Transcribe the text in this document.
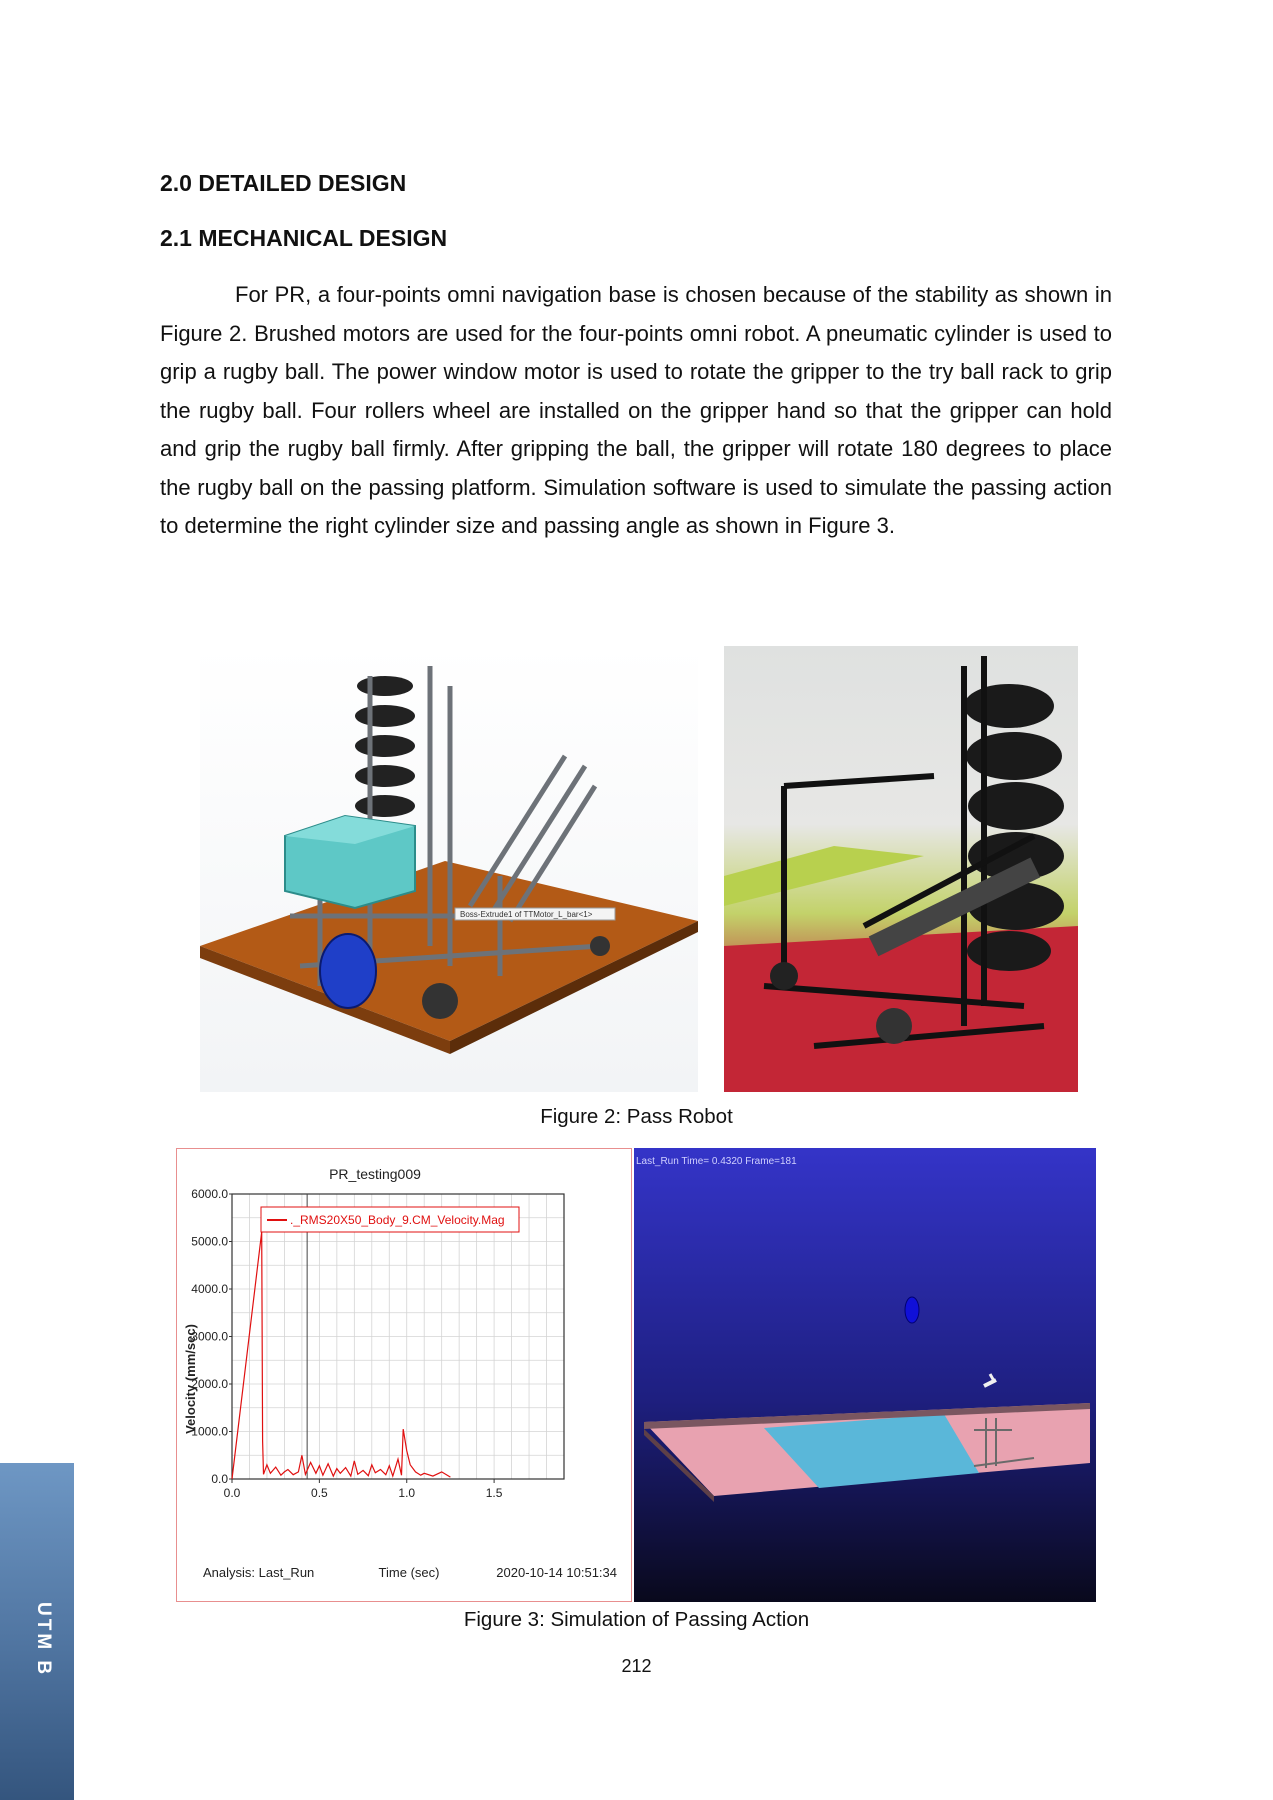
2.0 DETAILED DESIGN
2.1 MECHANICAL DESIGN

For PR, a four-points omni navigation base is chosen because of the stability as shown in Figure 2. Brushed motors are used for the four-points omni robot. A pneumatic cylinder is used to grip a rugby ball. The power window motor is used to rotate the gripper to the try ball rack to grip the rugby ball. Four rollers wheel are installed on the gripper hand so that the gripper can hold and grip the rugby ball firmly. After gripping the ball, the gripper will rotate 180 degrees to place the rugby ball on the passing platform. Simulation software is used to simulate the passing action to determine the right cylinder size and passing angle as shown in Figure 3.

Boss-Extrude1 of TTMotor_L_bar<1>
Figure 2: Pass Robot
PR_testing009
._RMS20X50_Body_9.CM_Velocity.Mag
Velocity (mm/sec)
0.0	0.5	1.0	1.5
0.0
1000.0
2000.0
3000.0
4000.0
5000.0
6000.0
Analysis: Last_Run	Time (sec)	2020-10-14 10:51:34
Last_Run Time= 0.4320 Frame=181
Figure 3: Simulation of Passing Action
212
UTM B
